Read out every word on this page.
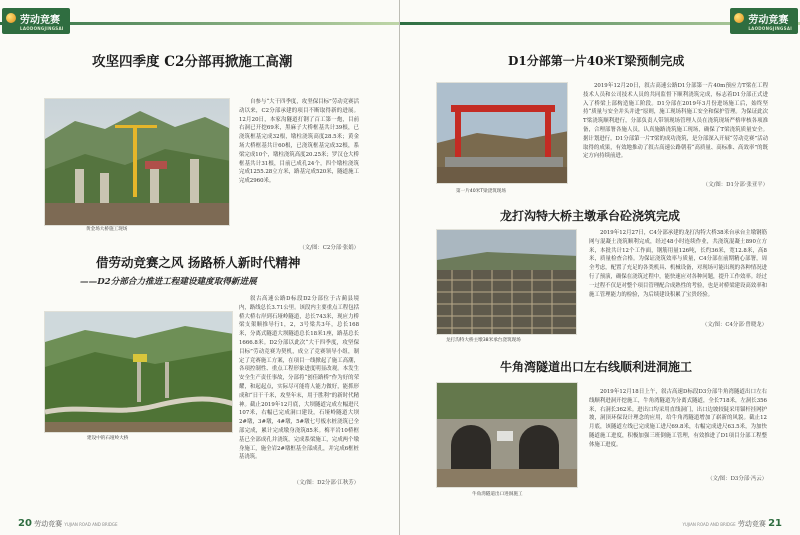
劳动竞赛
LAODONGJINGSAI
攻坚四季度 C2分部再掀施工高潮
黄金场大桥施工现场
自参与“大干四季度，攻坚保目标”劳动竞赛活动以来，C2分部承建的项目不断取得新的进展。12月20日，本家沟隧道打钢了百工第一炮，目前右洞已开挖69米，黑麻子大桥框基共计39根，已浇筑框基完成32根，墩柱浇筑高度28.5米；黄金场大桥框基共计60根，已浇筑框基完成32根，系梁完成10个，墩柱浇筑高度20.25米；罗汉仓大桥框基共计31根，目前已成孔24个，四个墩柱浇筑完成1255.28立方米，路基完成520米，隧道施工完成2960米。
（文/图：C2分部·张娟）
借劳动竞赛之风 扬路桥人新时代精神
——D2分部合力推进工程建设建度取得新进展
建设中的石垭岭大桥
叙古高速公路D标段D2分部位于古蔺县境内，路线总长3.71公里。该段内主要重点工程包括桥大桥右岸到石垭岭隧道，总长743米，现应力桥梁支架顺推导行1，2，3号梁共3年，总长168米，分离式隧道大坝隧道总长18米1座，路基总长1666.8米。D2分部以此次“大干四季度，攻坚保目标”劳动竞赛为契机，成立了竞赛领导小组，制定了竞赛施工方案，在项目一线掀起了施工高潮，各项控制性、重点工程形象进度明显改观。本发生安全生产责任事故，分部将“创佳路桥”作为好的荣耀，和起起点，实际尽可能将人能力做好，能抓形成和“日干千米，攻坚年末，用于胜利”的新时代精神。截止2019年12月底，大坝隧道完成左幅进尺107米，右幅已完成洞口建设，石垭岭隧道大坝2#墩，3#墩，4#墩，5#墩七号板水桩浇筑已全部完成，累计完成墩身浇筑85米。梅平岩10桥框基已全部成孔并浇筑，完成系梁施工，完成两个墩身施工，施全岩2#墩框基全部成孔，并完成6框桩基浇筑。
（文/图：D2分部·江秋芳）
20 劳动竞赛 YUJIAN ROAD AND BRIDGE
劳动竞赛
LAODONGJINGSAI
D1分部第一片40米T梁预制完成
第一片40米T梁浇筑现场
2019年12月20日，叙古高速公路D1分部第一片40m预应力T梁在工程技术人员和公司技术人员的共同监督下顺利浇筑完成，标志着D1分部正式进入了桥梁上部构造施工阶段。D1分部在2019年3月份进场施工后，始终坚持“质量与安全并头并进”原则，施工现场科施工安全和保护管理。为保证此次T梁浇筑顺利进行，分部负责人带领现场管理人员在浇筑现场严格审核各项准备，合理部署各施人员，认真施路浇筑施工现场，确保了T梁浇筑质量安全。据计划进行，D1分部第一片T梁的成功浇筑，是分部深入开展“劳动竞赛”活动取得的成果，有效地推动了叙古高速公路朝着“高质量、高标准、高效率”的既定方向持续前进。
（文/图：D1分部·张亚平）
龙打沟特大桥主墩承台砼浇筑完成
龙打沟特大桥主墩38米承台浇筑现场
2019年12月27日，C4分部承建的龙打沟特大桥38米台承台主墩钢筋网与混凝土浇筑顺利完成，经过48小时连续作业，共浇筑混凝土890立方米，本批共计12个工作面，钢筋用量126吨，长约36米，宽12.8米，高8米，质量检查合格。为保证浇筑效率与质量，C4分部在前期精心部署，周全考虑，配置了充足的各类机具、机械设备，对现场可能出现的各种情况进行了预演，确保在浇筑过程中，能快速应对各种问题，提升工作效率。经过一过程不仅是对整个项目管理配合成熟性的考验，也是对桥梁建设高效率和施工管理能力的检验，为后续建设积累了宝贵经验。
（文/图：C4分部·曾晓龙）
牛角湾隧道出口左右线顺利进洞施工
牛角湾隧道出口进洞施工
2019年12月18日上午，叙古高速D标段D3分部牛角湾隧道出口左右线顺利进洞开挖施工，牛角湾隧道为分离式隧道，全长718米，左洞长356米，右洞长362米。进出口均采用直线洞门，出口边坡较陡采用锚杆挂网护坡，洞顶环保设计理念的应用，给牛角湾隧道增加了崭新的风貌。截止12月底，该隧道左线已完成施工进尺69.8米，右幅完成进尺63.5米，为加快隧道施工进度，积极加强三班倒施工管理，有效推进了D1项目分部工程整体施工进度。
（文/图：D3分部·冯云）
YUJIAN ROAD AND BRIDGE 劳动竞赛 21
